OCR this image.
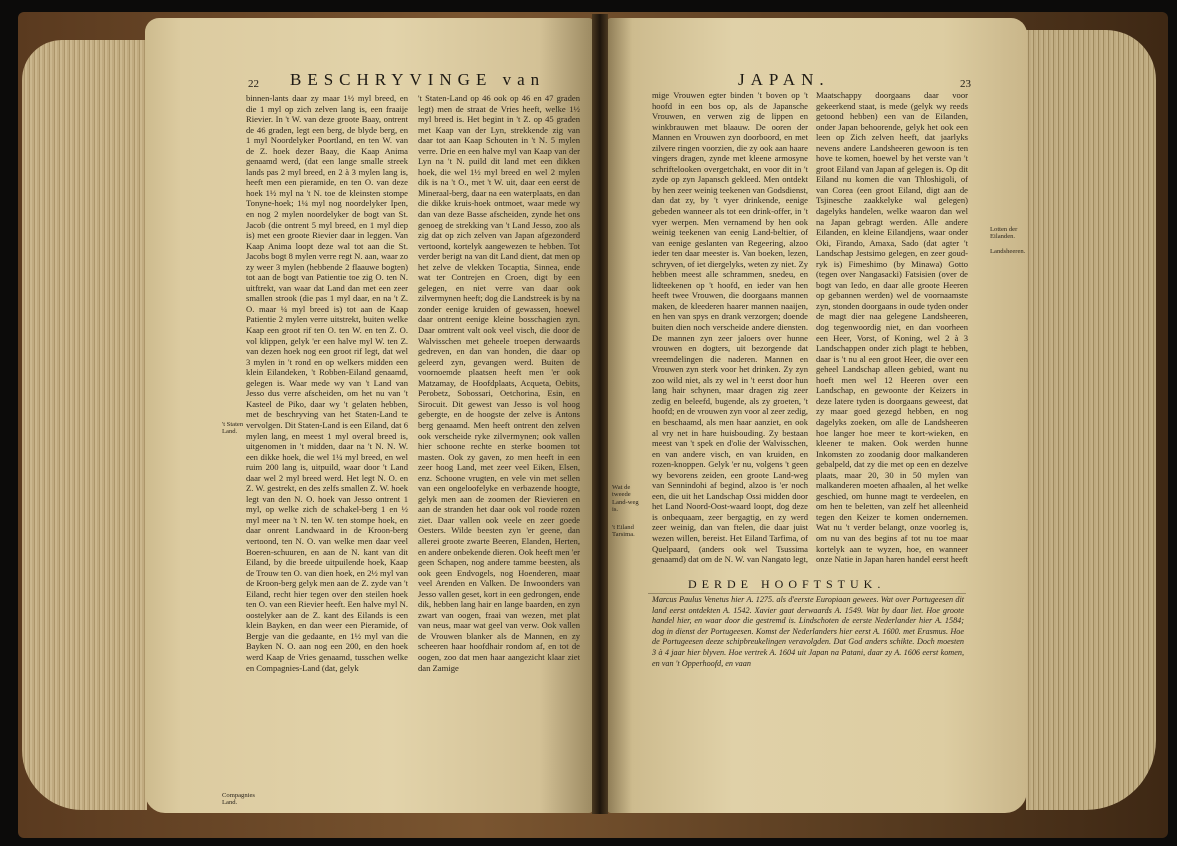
22 BESCHRYVINGE van

binnen-lants daar zy maar 1½ myl breed, en die 1 myl op zich zelven lang is, een fraaije Rievier. In 't W. van deze groote Baay, ontrent de 46 graden, legt een berg, de blyde berg, en 1 myl Noordelyker Poortland, en ten W. van de Z. hoek dezer Baay, die Kaap Anima genaamd werd, (dat een lange smalle streek lands pas 2 myl breed, en 2 à 3 mylen lang is, heeft men een pieramide, en ten O. van deze hoek 1½ myl na 't N. toe de kleinsten stompe Tonyne-hoek; 1¼ myl nog noordelyker Ipen, en nog 2 mylen noordelyker de bogt van St. Jacob (die ontrent 5 myl breed, en 1 myl diep is) met een groote Rievier daar in leggen. Van Kaap Anima loopt deze wal tot aan die St. Jacobs bogt 8 mylen verre regt N. aan, waar zo zy weer 3 mylen (hebbende 2 flaauwe bogten) tot aan de bogt van Patientie toe zig O. ten N. uitftrekt, van waar dat Land dan met een zeer smallen strook (die pas 1 myl daar, en na 't Z. O. maar ¼ myl breed is) tot aan de Kaap Patientie 2 mylen verre uitstrekt, buiten welke Kaap een groot rif ten O. ten W. en ten Z. O. vol klippen, gelyk 'er een halve myl W. ten Z. van dezen hoek nog een groot rif legt, dat wel 3 mylen in 't rond en op welkers midden een klein Eilandeken, 't Robben-Eiland genaamd, gelegen is. Waar mede wy van 't Land van Jesso dus verre afscheiden, om het nu van 't Kasteel de Piko, daar wy 't gelaten hebben, met de beschryving van het Staten-Land te vervolgen. Dit Staten-Land is een Eiland, dat 6 mylen lang, en meest 1 myl overal breed is, uitgenomen in 't midden, daar na 't N. N. W. een dikke hoek, die wel 1¼ myl breed, en wel ruim 200 lang is, uitpuild, waar door 't Land daar wel 2 myl breed werd. Het legt N. O. en Z. W. gestrekt, en des zelfs smallen Z. W. hoek legt van den N. O. hoek van Jesso ontrent 1 myl, op welke zich de schakel-berg 1 en ½ myl meer na 't N. ten W. ten stompe hoek, en daar onrent Landwaard in de Kroon-berg vertoond, ten N. O. van welke men daar veel Boeren-schuuren, en aan de N. kant van dit Eiland, by die breede uitpuilende hoek, Kaap de Trouw ten O. van dien hoek, en 2½ myl van de Kroon-berg gelyk men aan de Z. zyde van 't Eiland, recht hier tegen over den steilen hoek ten O. van een Rievier heeft. Een halve myl N. oostelyker aan de Z. kant des Eilands is een klein Bayken, en dan weer een Pieramide, of Bergje van die gedaante, en 1½ myl van die Bayken N. O. aan nog een 200, en den hoek werd Kaap de Vries genaamd, tusschen welke en Compagnies-Land (dat, gelyk

't Staten-Land op 46 ook op 46 en 47 graden legt) men de straat de Vries heeft, welke 1½ myl breed is. Het begint in 't Z. op 45 graden met Kaap van der Lyn, strekkende zig van daar tot aan Kaap Schouten in 't N. 5 mylen verre. Drie en een halve myl van Kaap van der Lyn na 't N. puild dit land met een dikken hoek, die wel 1½ myl breed en wel 2 mylen dik is na 't O., met 't W. uit, daar een eerst de Mineraal-berg, daar na een waterplaats, en dan die dikke kruis-hoek ontmoet, waar mede wy dan van deze Basse afscheiden, zynde het ons genoeg de strekking van 't Land Jesso, zoo als zig dat op zich zelven van Japan afgezonderd vertoond, kortelyk aangewezen te hebben. Tot verder berigt na van dit Land dient, dat men op het zelve de vlekken Tocaptia, Sinnea, ende wat ter Contrejen en Croen, digt by een gelegen, en niet verre van daar ook zilvermynen heeft; dog die Landstreek is by na zonder eenige kruiden of gewassen, hoewel daar ontrent eenige kleine bosschagien zyn. Daar omtrent valt ook veel visch, die door de Walvisschen met geheele troepen derwaards gedreven, en dan van honden, die daar op geleerd zyn, gevangen werd. Buiten de voornoemde plaatsen heeft men 'er ook Matzamay, de Hoofdplaats, Acqueta, Oebits, Perobetz, Sobossari, Oetchorina, Esin, en Sirocuit. Dit gewest van Jesso is vol hoog gebergte, en de hoogste der zelve is Antons berg genaamd. Men heeft ontrent den zelven ook verscheide ryke zilvermynen; ook vallen hier schoone rechte en sterke boomen tot masten. Ook zy gaven, zo men heeft in een zeer hoog Land, met zeer veel Eiken, Elsen, enz. Schoone vrugten, en vele vin met sellen van een ongeloofelyke en verbazende hoogte, gelyk men aan de zoomen der Rievieren en aan de stranden het daar ook vol roode rozen ziet. Daar vallen ook veele en zeer goede Oesters. Wilde beesten zyn 'er geene, dan allerei groote zwarte Beeren, Elanden, Herten, en andere onbekende dieren. Ook heeft men 'er geen Schapen, nog andere tamme beesten, als ook geen Endvogels, nog Hoenderen, maar veel Arenden en Valken. De Inwoonders van Jesso vallen geset, kort in een gedrongen, ende dik, hebben lang hair en lange baarden, en zyn zwart van oogen, fraai van wezen, met plat van neus, maar wat geel van verw. Ook vallen de Vrouwen blanker als de Mannen, en zy scheeren haar hoofdhair rondom af, en tot de oogen, zoo dat men haar aangezicht klaar ziet dan Zamige

't Staten Land.
Compagnies Land.
JAPAN.	23

mige Vrouwen egter binden 't boven op 't hoofd in een bos op, als de Japansche Vrouwen, en verwen zig de lippen en winkbrauwen met blaauw. De ooren der Mannen en Vrouwen zyn doorboord, en met zilvere ringen voorzien, die zy ook aan haare vingers dragen, zynde met kleene armosyne schriftelooken overgetchakt, en voor dit in 't zyde op zyn Japansch gekleed. Men ontdekt by hen zeer weinig teekenen van Godsdienst, dan dat zy, by 't vyer drinkende, eenige gebeden wanneer als tot een drink-offer, in 't vyer werpen. Men vernamend by hen ook weinig teekenen van eenig Land-beltier, of van eenige geslanten van Regeering, alzoo ieder ten daar meester is. Van boeken, lezen, schryven, of iet diergelyks, weten zy niet. Zy hebben meest alle schrammen, snedeu, en lidteekenen op 't hoofd, en ieder van hen heeft twee Vrouwen, die doorgaans mannen maken, de kleederen haarer mannen naaijen, en hen van spys en drank verzorgen; doende buiten dien noch verscheide andere diensten. De mannen zyn zeer jaloers over hunne vrouwen en dogters, uit bezorgende dat vreemdelingen die naderen. Mannen en Vrouwen zyn sterk voor het drinken. Zy zyn zoo wild niet, als zy wel in 't eerst door hun lang hair schynen, maar dragen zig zeer zedig en beleefd, bugende, als zy groeten, 't hoofd; en de vrouwen zyn voor al zeer zedig, en beschaamd, als men haar aanziet, en ook al vry net in hare huisbouding. Zy bestaan meest van 't spek en d'olie der Walvisschen, en van andere visch, en van kruiden, en rozen-knoppen. Gelyk 'er nu, volgens 't geen wy bevorens zeiden, een groote Land-weg van Sennindohi af begind, alzoo is 'er noch een, die uit het Landschap Ossi midden door het Land Noord-Oost-waard loopt, dog deze is onbequaam, zeer bergagtig, en zy werd zeer weinig, dan van ftelen, die daar juist wezen willen, bereist. Het Eiland Tarfima, of Quelpaard, (anders ook wel Tsussima genaamd) dat om de N. W. van Nangato legt,

Maatschappy doorgaans daar voor gekeerkend staat, is mede (gelyk wy reeds getoond hebben) een van de Eilanden, onder Japan behoorende, gelyk het ook een leen op Zich zelven heeft, dat jaarlyks nevens andere Landsheeren gewoon is ten hove te komen, hoewel by het verste van 't groot Eiland van Japan af gelegen is. Op dit Eiland nu komen die van Thloshigoli, of van Corea (een groot Eiland, digt aan de Tsjinesche zaakkelyke wal gelegen) dagelyks handelen, welke waaron dan wel na Japan gebragt werden. Alle andere Eilanden, en kleine Eilandjens, waar onder Oki, Firando, Amaxa, Sado (dat agter 't Landschap Jestsimo gelegen, en zeer goud-ryk is) Fimeshimo (by Minawa) Gotto (tegen over Nangasacki) Fatsisien (over de bogt van Iedo, en daar alle groote Heeren op gebannen werden) wel de voornaamste zyn, stonden doorgaans in oude tyden onder de magt dier naa gelegene Landsheeren, dog tegenwoordig niet, en dan voorheen een Heer, Vorst, of Koning, wel 2 à 3 Landschappen onder zich plagt te hebben, daar is 't nu al een groot Heer, die over een geheel Landschap alleen gebied, want nu hoeft men wel 12 Heeren over een Landschap, en gewoonte der Keizers in deze latere tyden is doorgaans geweest, dat zy maar goed gezegd hebben, en nog dagelyks zoeken, om alle de Landsheeren hoe langer hoe meer te kort-wieken, en kleener te maken. Ook werden hunne Inkomsten zo zoodanig door malkanderen gebalpeld, dat zy die met op een en dezelve plaats, maar 20, 30 in 50 mylen van malkanderen moeten afhaalen, al het welke geschied, om hunne magt te verdeelen, en om hen te beletten, van zelf het alleenheid tegen den Keizer te komen ondernemen. Wat nu 't verder belangt, onze voorleg is, om nu van des begins af tot nu toe maar kortelyk aan te wyzen, hoe, en wanneer onze Natie in Japan haren handel eerst heeft

Wat de tweede Land-weg is.
't Eiland Tarsima.
Lotten der Eilanden.
Landsheeren.
DERDE HOOFTSTUK.
Marcus Paulus Venetus hier A. 1275. als d'eerste Europiaan gewees. Wat over Portugeesen dit land eerst ontdekten A. 1542. Xavier gaat derwaards A. 1549. Wat by daar liet. Hoe groote handel hier, en waar door die gestremd is. Lindschoten de eerste Nederlander hier A. 1584; dog in dienst der Portugeesen. Komst der Nederlanders hier eerst A. 1600. met Erasmus. Hoe de Portugeesen deeze schipbreukelingen veravolgden. Dat God anders schikte. Doch moesten 3 à 4 jaar hier blyven. Hoe vertrek A. 1604 uit Japan na Patani, daar zy A. 1606 eerst komen, en van 't Opperhoofd, en vaan
